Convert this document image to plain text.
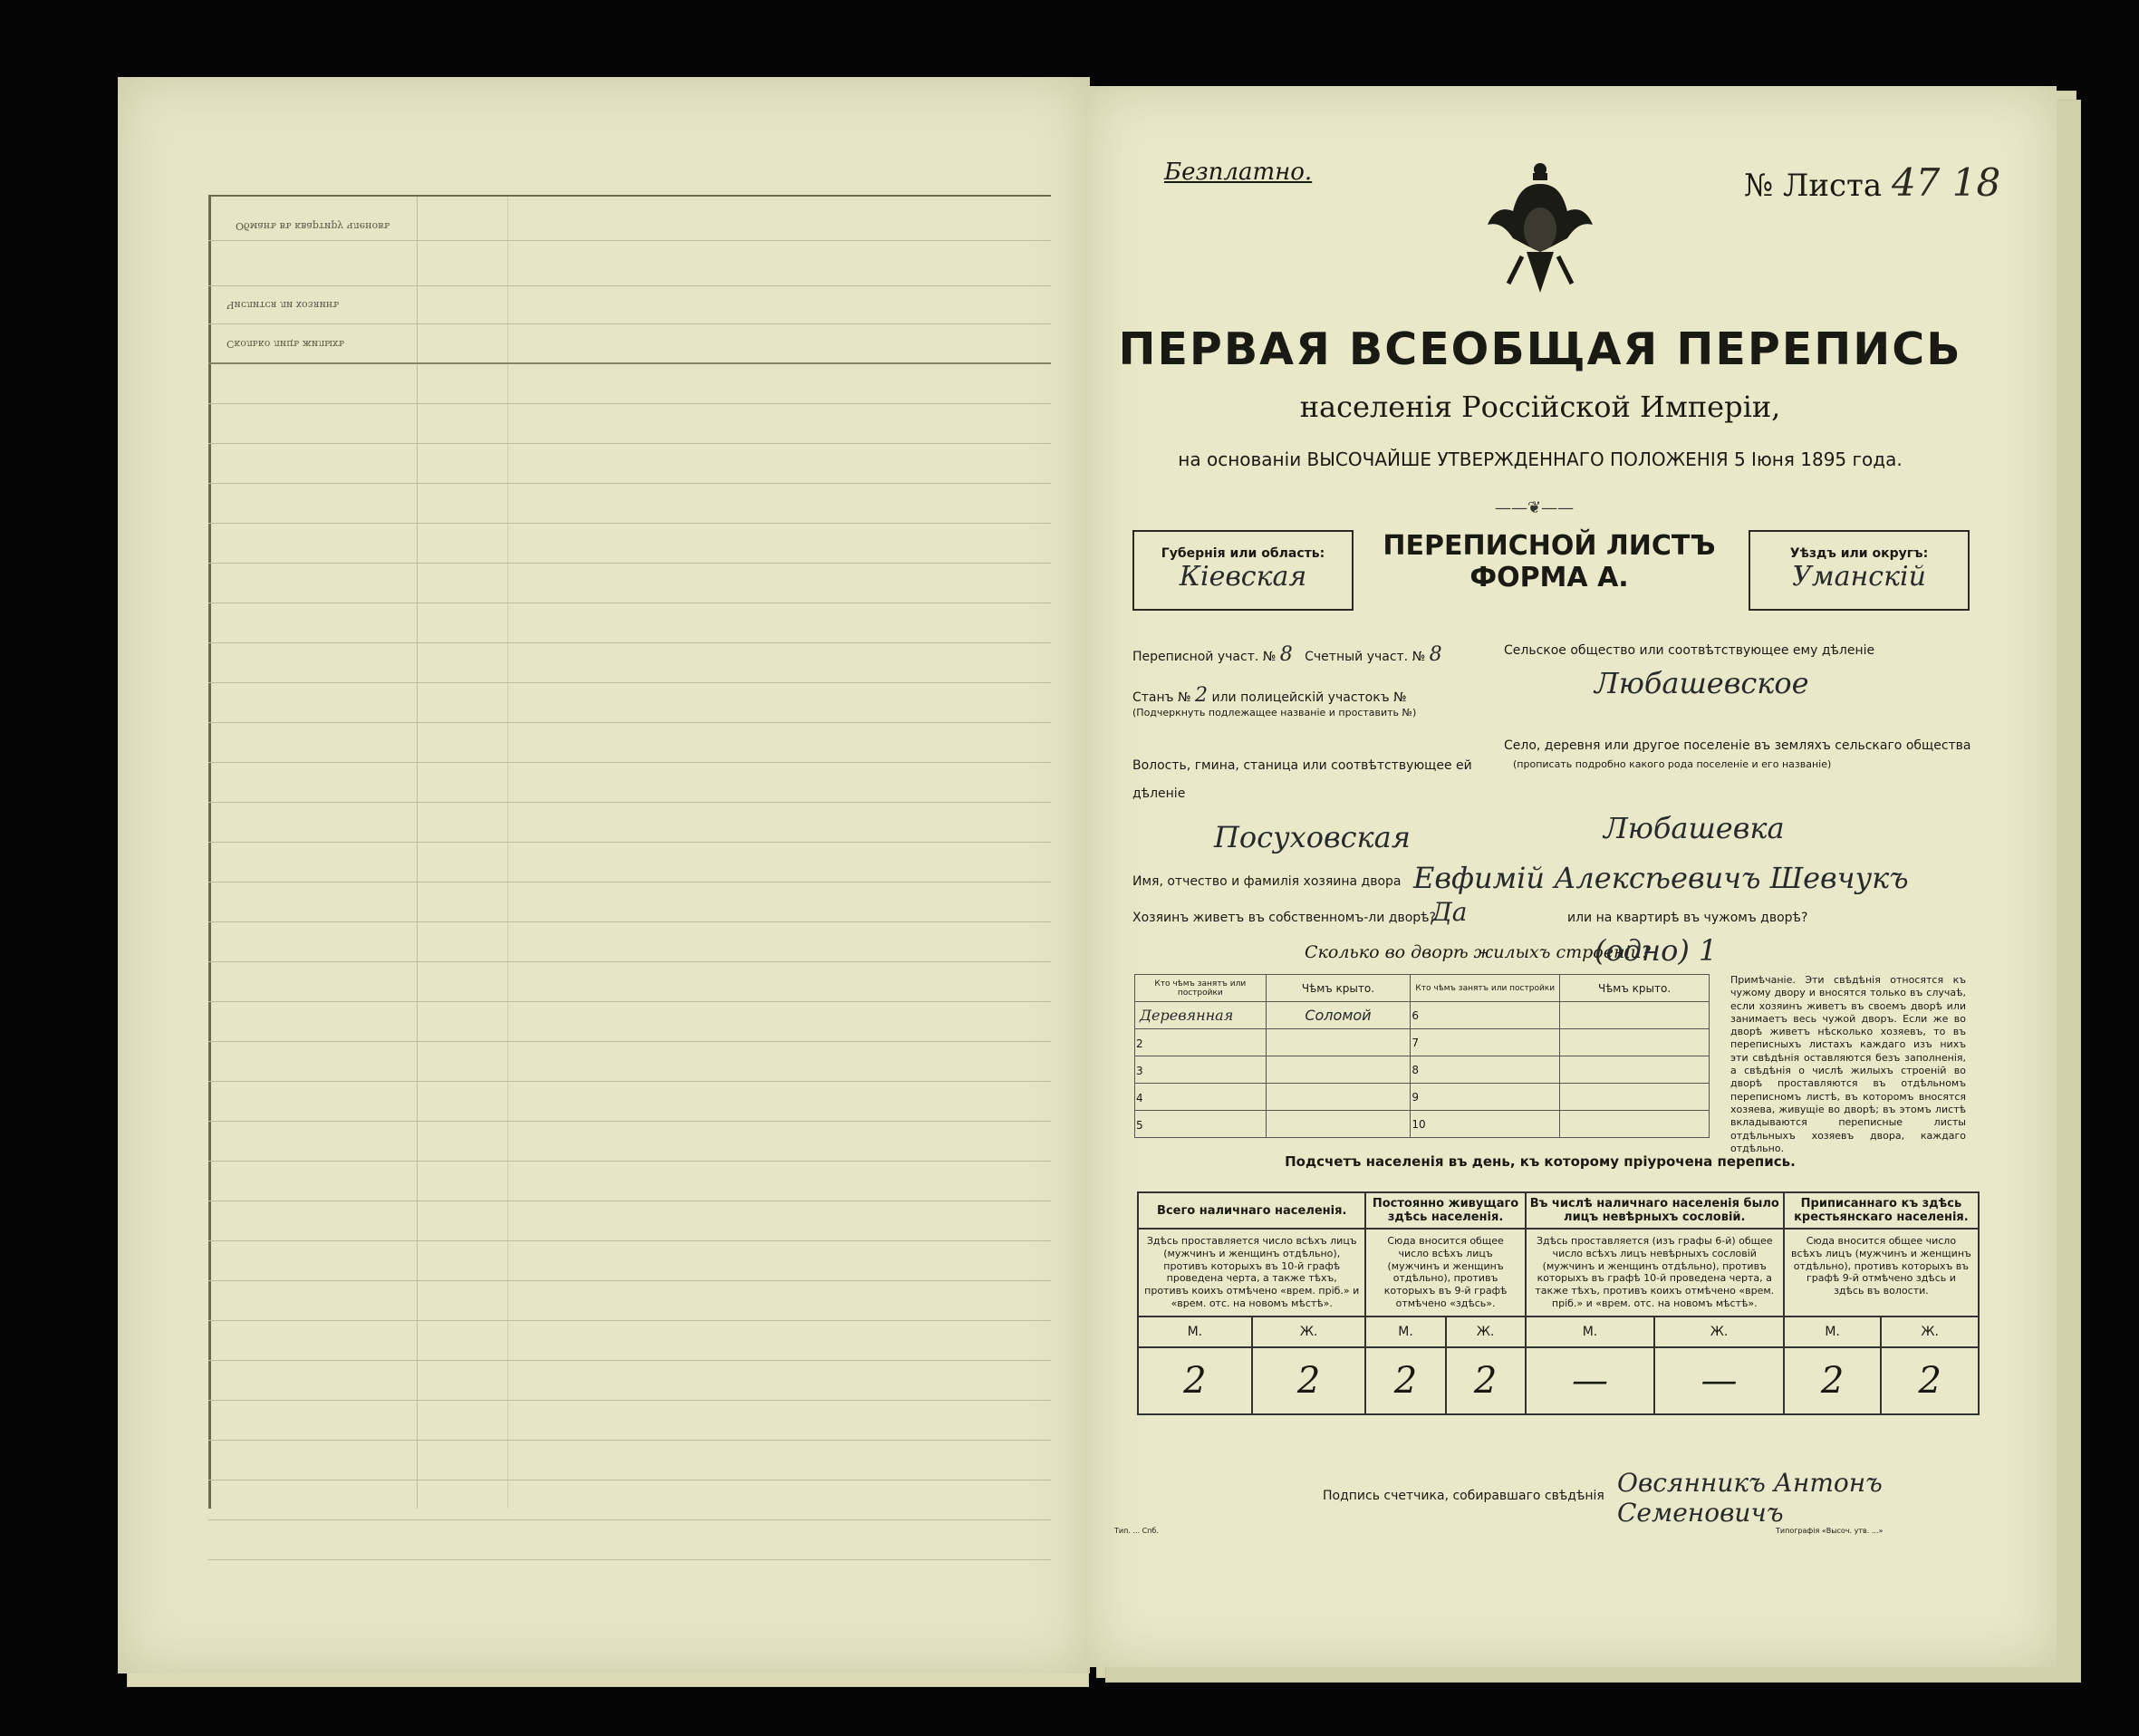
Обманъ въ квартиру членовъ
Числится ли хозяинъ
Сколько лицъ жилыхъ
Безплатно.	№ Листа 47 18
ПЕРВАЯ ВСЕОБЩАЯ ПЕРЕПИСЬ
населенія Россійской Имперіи,
на основаніи ВЫСОЧАЙШЕ УТВЕРЖДЕННАГО ПОЛОЖЕНІЯ 5 Іюня 1895 года.
——❦——
Губернія или область:
Кіевская
ПЕРЕПИСНОЙ ЛИСТЪ
ФОРМА А.
Уѣздъ или округъ:
Уманскій
Переписной участ. № 8 Счетный участ. № 8
Станъ № 2 или полицейскій участокъ №
(Подчеркнуть подлежащее названіе и проставить №)
Волость, гмина, станица или соотвѣтствующее ей дѣленіе
Посуховская
Сельское общество или соотвѣтствующее ему дѣленіе
Любашевское
Село, деревня или другое поселеніе въ земляхъ сельскаго общества
(прописать подробно какого рода поселеніе и его названіе)
Любашевка
Имя, отчество и фамилія хозяина двора Евфимій Алексѣевичъ Шевчукъ
Хозяинъ живетъ въ собственномъ-ли дворѣ?
Да	или на квартирѣ въ чужомъ дворѣ?
Сколько во дворѣ жилыхъ строеній?
(одно) 1
Кто чѣмъ занятъ или постройки	Чѣмъ крыто.	Кто чѣмъ занятъ или постройки	Чѣмъ крыто.
Деревянная	Соломой	6	
2		7	
3		8	
4		9	
5		10	
Примѣчаніе. Эти свѣдѣнія относятся къ чужому двору и вносятся только въ случаѣ, если хозяинъ живетъ въ своемъ дворѣ или занимаетъ весь чужой дворъ. Если же во дворѣ живетъ нѣсколько хозяевъ, то въ переписныхъ листахъ каждаго изъ нихъ эти свѣдѣнія оставляются безъ заполненія, а свѣдѣнія о числѣ жилыхъ строеній во дворѣ проставляются въ отдѣльномъ переписномъ листѣ, въ которомъ вносятся хозяева, живущіе во дворѣ; въ этомъ листѣ вкладываются переписные листы отдѣльныхъ хозяевъ двора, каждаго отдѣльно.
Подсчетъ населенія въ день, къ которому пріурочена перепись.
Всего наличнаго населенія.		Постоянно живущаго здѣсь населенія.		Въ числѣ наличнаго населенія было лицъ невѣрныхъ сословій.		Приписаннаго къ здѣсь крестьянскаго населенія.	
Здѣсь проставляется число всѣхъ лицъ (мужчинъ и женщинъ отдѣльно), противъ которыхъ въ 10-й графѣ проведена черта, а также тѣхъ, противъ коихъ отмѣчено «врем. пріб.» и «врем. отс. на новомъ мѣстѣ».		Сюда вносится общее число всѣхъ лицъ (мужчинъ и женщинъ отдѣльно), противъ которыхъ въ 9-й графѣ отмѣчено «здѣсь».		Здѣсь проставляется (изъ графы 6-й) общее число всѣхъ лицъ невѣрныхъ сословій (мужчинъ и женщинъ отдѣльно), противъ которыхъ въ графѣ 10-й проведена черта, а также тѣхъ, противъ коихъ отмѣчено «врем. пріб.» и «врем. отс. на новомъ мѣстѣ».		Сюда вносится общее число всѣхъ лицъ (мужчинъ и женщинъ отдѣльно), противъ которыхъ въ графѣ 9-й отмѣчено здѣсь и здѣсь въ волости.	
М.	Ж.	М.	Ж.	М.	Ж.	М.	Ж.
2	2	2	2	—	—	2	2
Подпись счетчика, собиравшаго свѣдѣнія Овсянникъ Антонъ Семеновичъ
Тип. ... Спб.	Типографія «Высоч. утв. ...»
